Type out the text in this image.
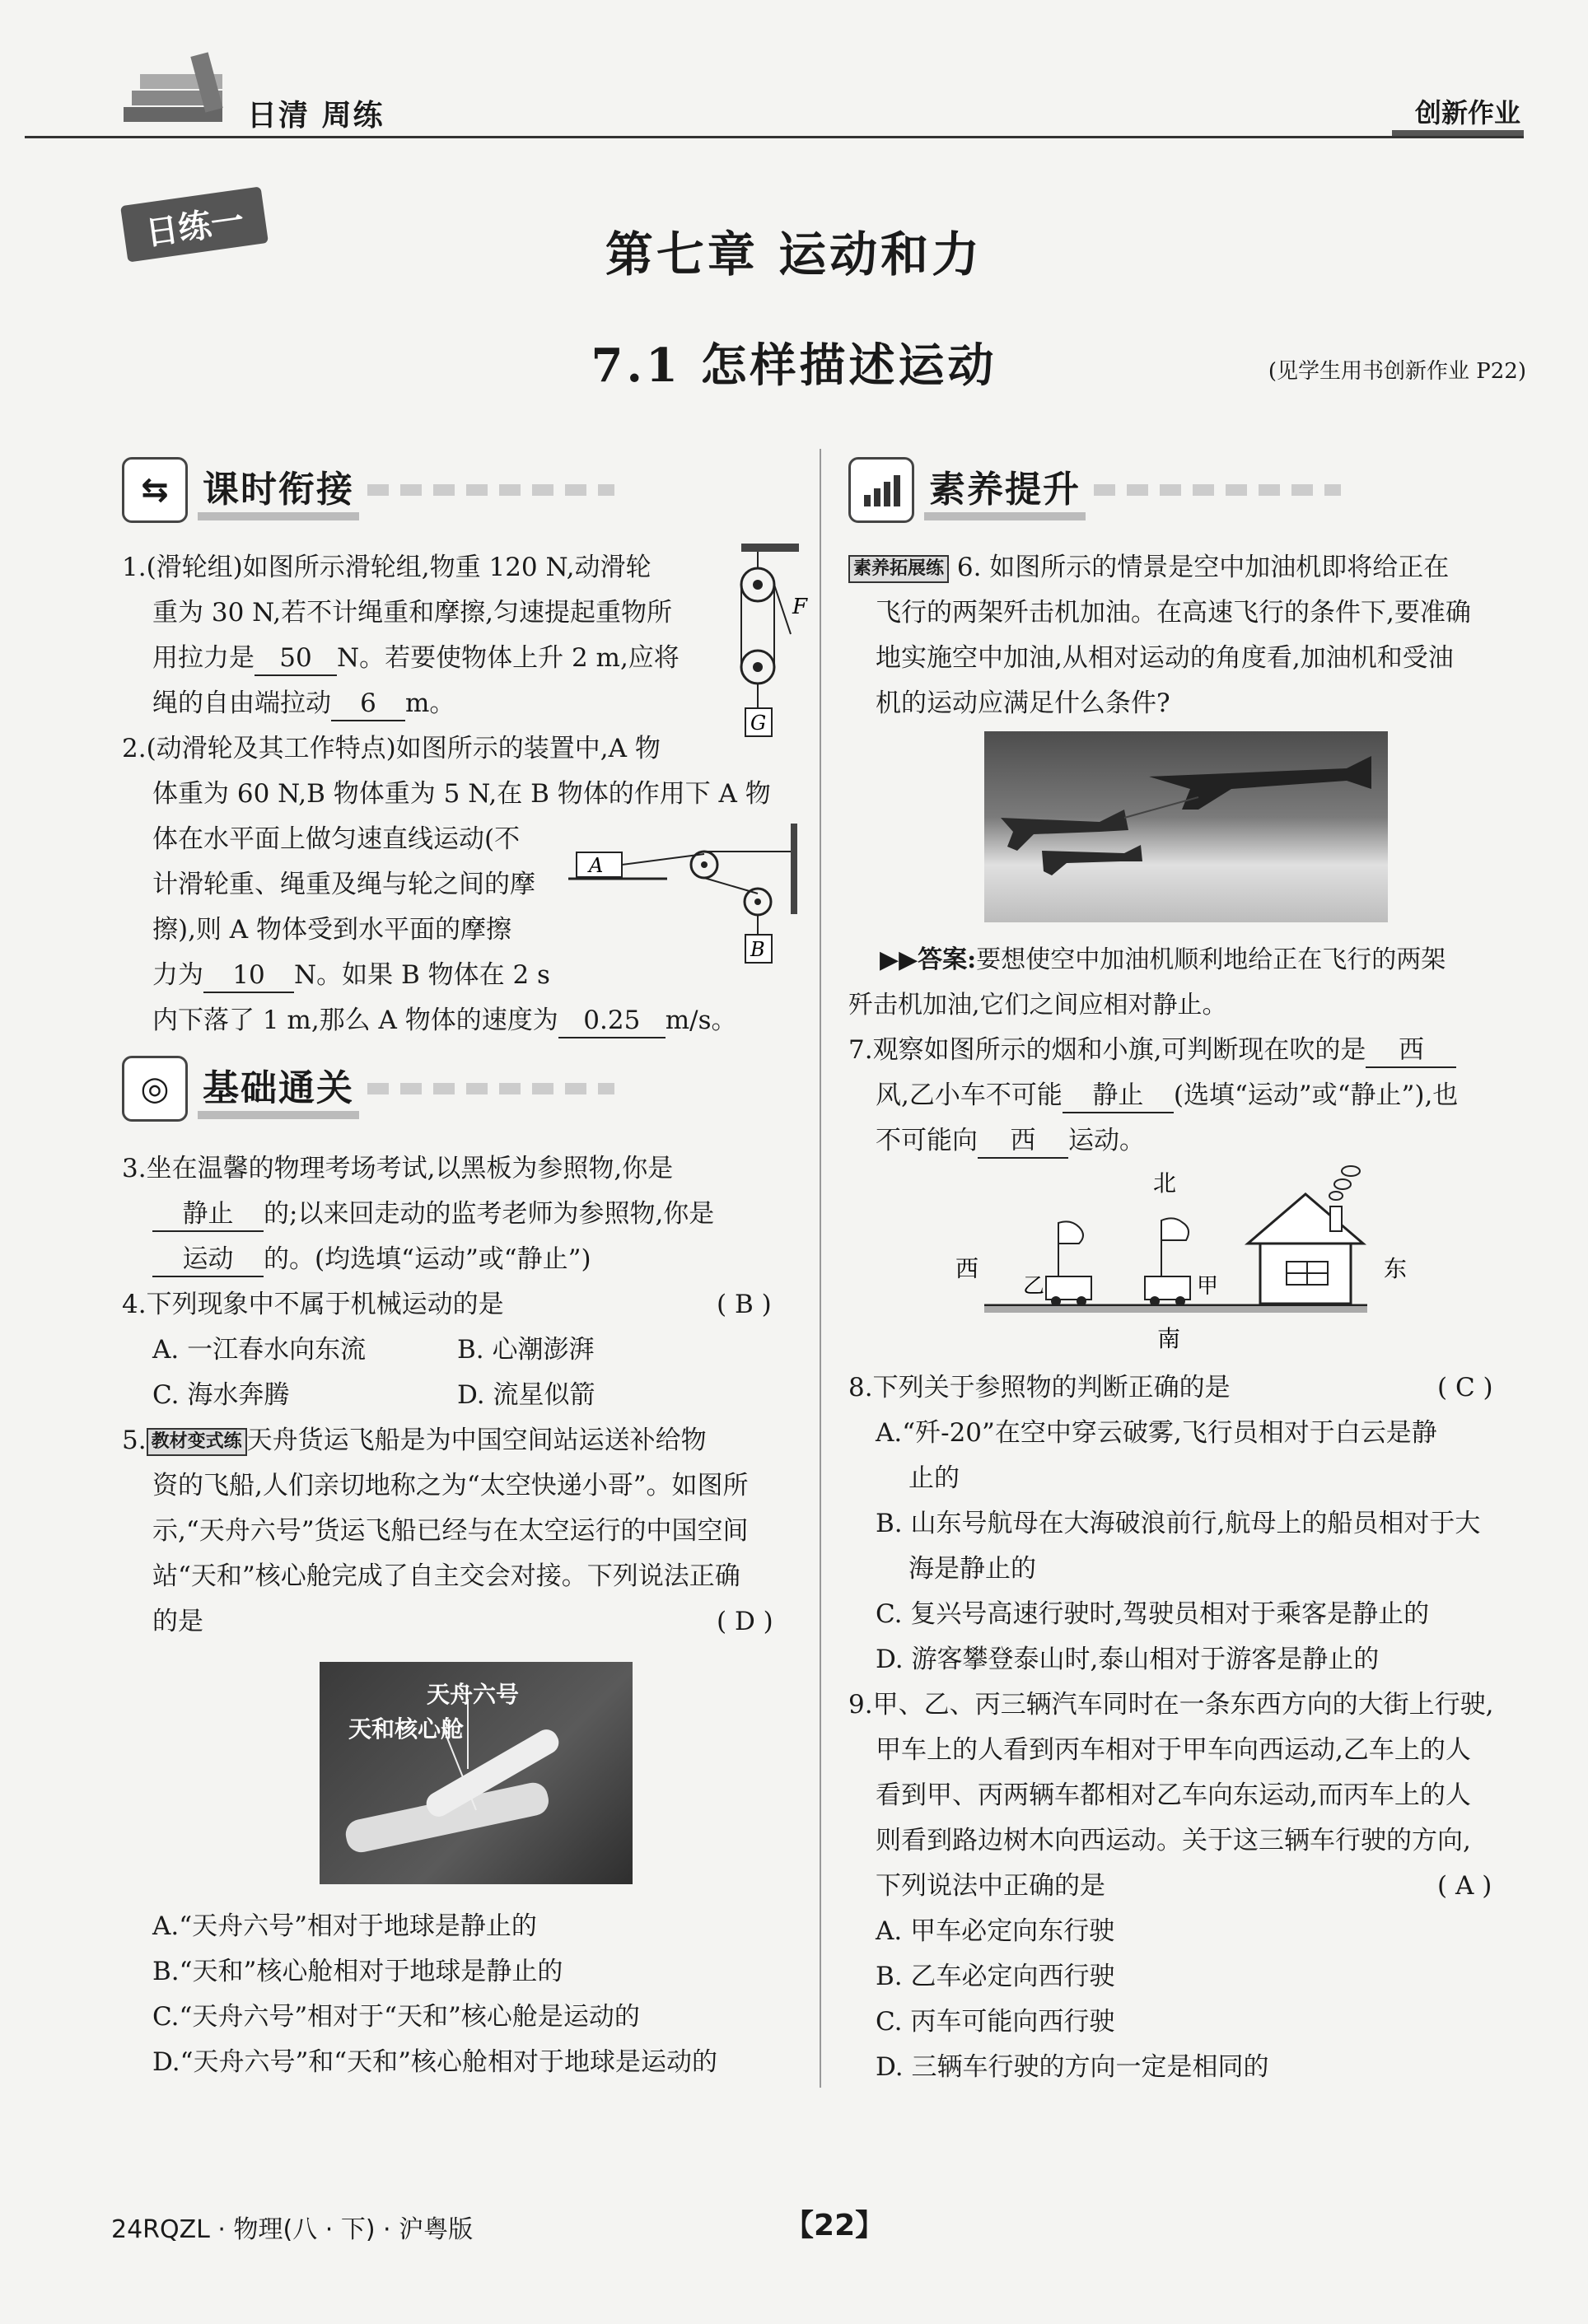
日清 周练	创新作业
日练一	第七章 运动和力
7.1 怎样描述运动	(见学生用书创新作业 P22)
⇆ 课时衔接
1.(滑轮组)如图所示滑轮组,物重 120 N,动滑轮
重为 30 N,若不计绳重和摩擦,匀速提起重物所
用拉力是 50 N。若要使物体上升 2 m,应将
绳的自由端拉动 6 m。
F
G
2.(动滑轮及其工作特点)如图所示的装置中,A 物
体重为 60 N,B 物体重为 5 N,在 B 物体的作用下 A 物
体在水平面上做匀速直线运动(不
计滑轮重、绳重及绳与轮之间的摩
擦),则 A 物体受到水平面的摩擦
力为 10 N。如果 B 物体在 2 s
内下落了 1 m,那么 A 物体的速度为 0.25 m/s。
A
B
◎ 基础通关
3.坐在温馨的物理考场考试,以黑板为参照物,你是
静止 的;以来回走动的监考老师为参照物,你是
运动 的。(均选填“运动”或“静止”)
4.下列现象中不属于机械运动的是	( B )
A. 一江春水向东流	B. 心潮澎湃
C. 海水奔腾	D. 流星似箭
5. 教材变式练 天舟货运飞船是为中国空间站运送补给物
资的飞船,人们亲切地称之为“太空快递小哥”。如图所
示,“天舟六号”货运飞船已经与在太空运行的中国空间
站“天和”核心舱完成了自主交会对接。下列说法正确
的是	( D )
天舟六号
天和核心舱
A.“天舟六号”相对于地球是静止的
B.“天和”核心舱相对于地球是静止的
C.“天舟六号”相对于“天和”核心舱是运动的
D.“天舟六号”和“天和”核心舱相对于地球是运动的
素养提升
素养拓展练 6. 如图所示的情景是空中加油机即将给正在
飞行的两架歼击机加油。在高速飞行的条件下,要准确
地实施空中加油,从相对运动的角度看,加油机和受油
机的运动应满足什么条件?
▶▶答案:要想使空中加油机顺利地给正在飞行的两架
歼击机加油,它们之间应相对静止。
7.观察如图所示的烟和小旗,可判断现在吹的是 西
风,乙小车不可能 静止 (选填“运动”或“静止”),也
不可能向 西 运动。
北
西	东
南
乙	甲
8.下列关于参照物的判断正确的是	( C )
A.“歼-20”在空中穿云破雾,飞行员相对于白云是静
止的
B. 山东号航母在大海破浪前行,航母上的船员相对于大
海是静止的
C. 复兴号高速行驶时,驾驶员相对于乘客是静止的
D. 游客攀登泰山时,泰山相对于游客是静止的
9.甲、乙、丙三辆汽车同时在一条东西方向的大街上行驶,
甲车上的人看到丙车相对于甲车向西运动,乙车上的人
看到甲、丙两辆车都相对乙车向东运动,而丙车上的人
则看到路边树木向西运动。关于这三辆车行驶的方向,
下列说法中正确的是	( A )
A. 甲车必定向东行驶
B. 乙车必定向西行驶
C. 丙车可能向西行驶
D. 三辆车行驶的方向一定是相同的
24RQZL · 物理(八 · 下) · 沪粤版	【22】
